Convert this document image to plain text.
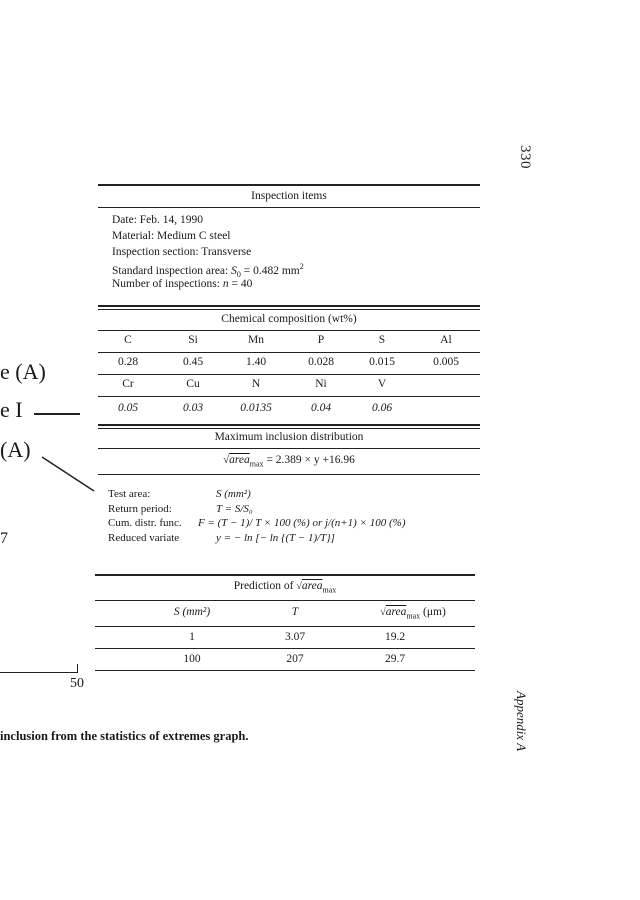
330
Appendix A
e (A)
e I
(A)
7
50
inclusion from the statistics of extremes graph.
Inspection items
Date: Feb. 14, 1990
Material: Medium C steel
Inspection section: Transverse
Standard inspection area: $S_0 = 0.482$ $mm^2$
Number of inspections: n = 40
Chemical composition (wt%)
C	Si	Mn	P	S	Al
0.28	0.45	1.40	0.028	0.015	0.005
Cr	Cu	N	Ni	V
0.05	0.03	0.0135	0.04	0.06
Maximum inclusion distribution
√area$_{max}$ = 2.389 × y +16.96
Test area:	S (mm²)
Return period:	T = S/S₀
Cum. distr. func. F = (T − 1)/ T × 100 (%) or j/(n+1) × 100 (%)
Reduced variate	y = − ln [− ln {(T − 1)/T}]
Prediction of √area$_{max}$
S (mm²)	T	√area$_{max}$ (μm)
1	3.07	19.2
100	207	29.7
